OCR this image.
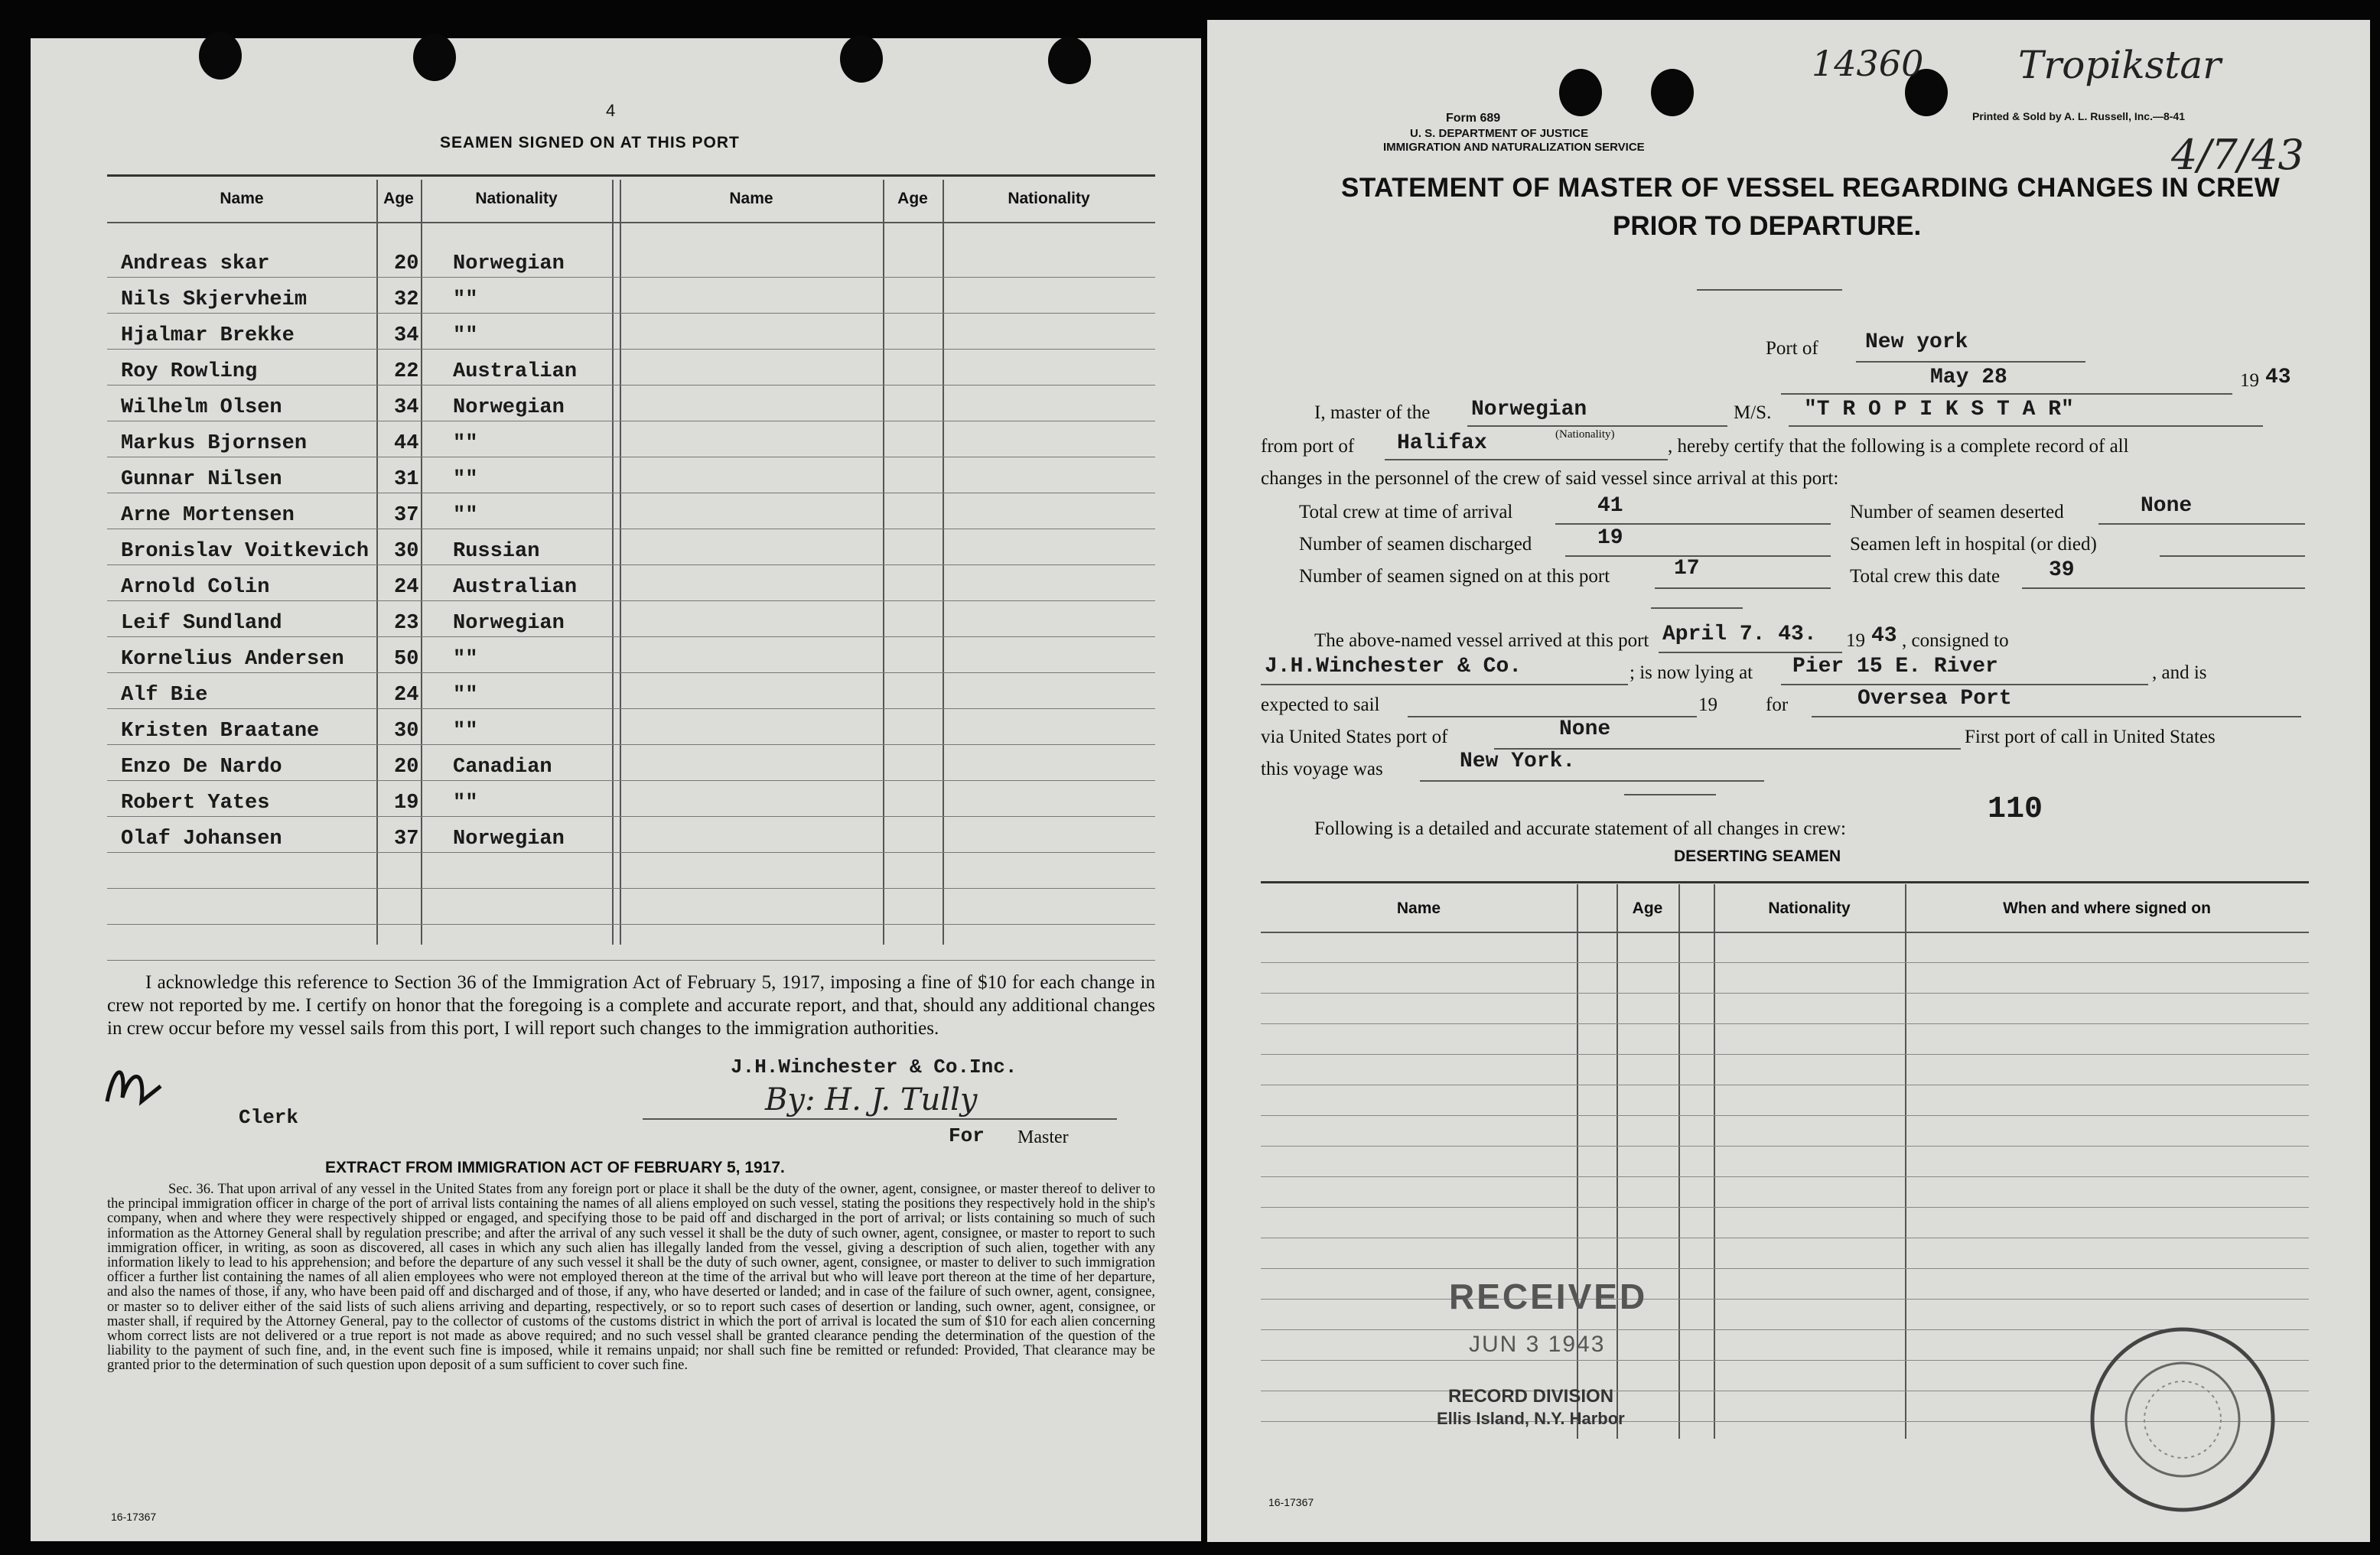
4
SEAMEN SIGNED ON AT THIS PORT
Name	Age	Nationality	Name	Age	Nationality
Andreas skar	20 Norwegian
Nils Skjervheim	32 ""
Hjalmar Brekke	34 ""
Roy Rowling	22 Australian
Wilhelm Olsen	34 Norwegian
Markus Bjornsen	44 ""
Gunnar Nilsen	31 ""
Arne Mortensen	37 ""
Bronislav Voitkevich 30 Russian
Arnold Colin	24 Australian
Leif Sundland	23 Norwegian
Kornelius Andersen 50 ""
Alf Bie	24 ""
Kristen Braatane	30 ""
Enzo De Nardo	20 Canadian
Robert Yates	19 ""
Olaf Johansen	37 Norwegian
I acknowledge this reference to Section 36 of the Immigration Act of February 5, 1917, imposing a fine of $10 for each change in crew not reported by me. I certify on honor that the foregoing is a complete and accurate report, and that, should any additional changes in crew occur before my vessel sails from this port, I will report such changes to the immigration authorities.
J.H.Winchester & Co.Inc.
By: H. J. Tully
For Master
Clerk
EXTRACT FROM IMMIGRATION ACT OF FEBRUARY 5, 1917.
Sec. 36. That upon arrival of any vessel in the United States from any foreign port or place it shall be the duty of the owner, agent, consignee, or master thereof to deliver to the principal immigration officer in charge of the port of arrival lists containing the names of all aliens employed on such vessel, stating the positions they respectively hold in the ship's company, when and where they were respectively shipped or engaged, and specifying those to be paid off and discharged in the port of arrival; or lists containing so much of such information as the Attorney General shall by regulation prescribe; and after the arrival of any such vessel it shall be the duty of such owner, agent, consignee, or master to report to such immigration officer, in writing, as soon as discovered, all cases in which any such alien has illegally landed from the vessel, giving a description of such alien, together with any information likely to lead to his apprehension; and before the departure of any such vessel it shall be the duty of such owner, agent, consignee, or master to deliver to such immigration officer a further list containing the names of all alien employees who were not employed thereon at the time of the arrival but who will leave port thereon at the time of her departure, and also the names of those, if any, who have been paid off and discharged and of those, if any, who have deserted or landed; and in case of the failure of such owner, agent, consignee, or master so to deliver either of the said lists of such aliens arriving and departing, respectively, or so to report such cases of desertion or landing, such owner, agent, consignee, or master shall, if required by the Attorney General, pay to the collector of customs of the customs district in which the port of arrival is located the sum of $10 for each alien concerning whom correct lists are not delivered or a true report is not made as above required; and no such vessel shall be granted clearance pending the determination of the question of the liability to the payment of such fine, and, in the event such fine is imposed, while it remains unpaid; nor shall such fine be remitted or refunded: Provided, That clearance may be granted prior to the determination of such question upon deposit of a sum sufficient to cover such fine.
16-17367
14360 Tropikstar
4/7/43
Form 689
U. S. DEPARTMENT OF JUSTICE
IMMIGRATION AND NATURALIZATION SERVICE
Printed & Sold by A. L. Russell, Inc.—8-41
STATEMENT OF MASTER OF VESSEL REGARDING CHANGES IN CREW
PRIOR TO DEPARTURE.
Port of New york
May 28	19 43
I, master of the Norwegian
(Nationality)
M/S. "T R O P I K S T A R"
from port of Halifax	, hereby certify that the following is a complete record of all
changes in the personnel of the crew of said vessel since arrival at this port:
Total crew at time of arrival	41	Number of seamen deserted	None
Number of seamen discharged	19	Seamen left in hospital (or died)
Number of seamen signed on at this port	17	Total crew this date 39
The above-named vessel arrived at this port April 7. 43. 19 43 , consigned to
J.H.Winchester & Co.	; is now lying at Pier 15 E. River	, and is
expected to sail	19	for	Oversea Port
via United States port of	None	First port of call in United States
this voyage was	New York.
Following is a detailed and accurate statement of all changes in crew:
110
DESERTING SEAMEN
Name	Age	Nationality	When and where signed on
RECEIVED
JUN 3 1943
RECORD DIVISION
Ellis Island, N.Y. Harbor
16-17367
